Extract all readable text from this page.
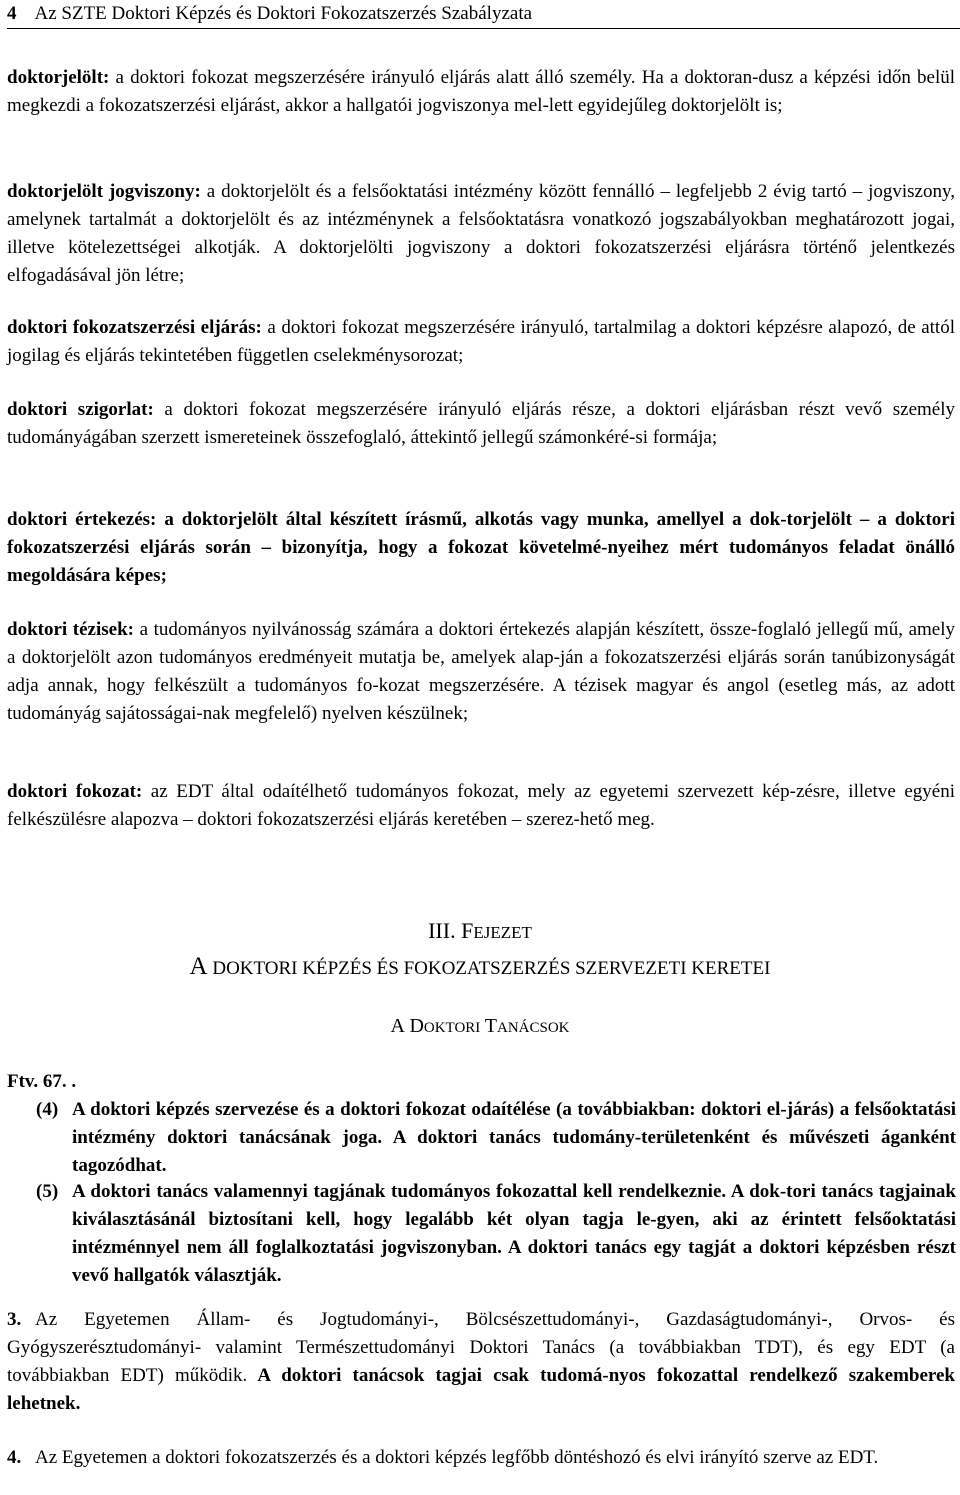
4 Az SZTE Doktori Képzés és Doktori Fokozatszerzés Szabályzata

doktorjelölt: a doktori fokozat megszerzésére irányuló eljárás alatt álló személy. Ha a doktoran-dusz a képzési időn belül megkezdi a fokozatszerzési eljárást, akkor a hallgatói jogviszonya mel-lett egyidejűleg doktorjelölt is;

doktorjelölt jogviszony: a doktorjelölt és a felsőoktatási intézmény között fennálló – legfeljebb 2 évig tartó – jogviszony, amelynek tartalmát a doktorjelölt és az intézménynek a felsőoktatásra vonatkozó jogszabályokban meghatározott jogai, illetve kötelezettségei alkotják. A doktorjelölti jogviszony a doktori fokozatszerzési eljárásra történő jelentkezés elfogadásával jön létre;

doktori fokozatszerzési eljárás: a doktori fokozat megszerzésére irányuló, tartalmilag a doktori képzésre alapozó, de attól jogilag és eljárás tekintetében független cselekménysorozat;

doktori szigorlat: a doktori fokozat megszerzésére irányuló eljárás része, a doktori eljárásban részt vevő személy tudományágában szerzett ismereteinek összefoglaló, áttekintő jellegű számonkéré-si formája;

doktori értekezés: a doktorjelölt által készített írásmű, alkotás vagy munka, amellyel a dok-torjelölt – a doktori fokozatszerzési eljárás során – bizonyítja, hogy a fokozat követelmé-nyeihez mért tudományos feladat önálló megoldására képes;

doktori tézisek: a tudományos nyilvánosság számára a doktori értekezés alapján készített, össze-foglaló jellegű mű, amely a doktorjelölt azon tudományos eredményeit mutatja be, amelyek alap-ján a fokozatszerzési eljárás során tanúbizonyságát adja annak, hogy felkészült a tudományos fo-kozat megszerzésére. A tézisek magyar és angol (esetleg más, az adott tudományág sajátosságai-nak megfelelő) nyelven készülnek;

doktori fokozat: az EDT által odaítélhető tudományos fokozat, mely az egyetemi szervezett kép-zésre, illetve egyéni felkészülésre alapozva – doktori fokozatszerzési eljárás keretében – szerez-hető meg.

III. FEJEZET

A DOKTORI KÉPZÉS ÉS FOKOZATSZERZÉS SZERVEZETI KERETEI

A DOKTORI TANÁCSOK

Ftv. 67. .

(4) A doktori képzés szervezése és a doktori fokozat odaítélése (a továbbiakban: doktori el-járás) a felsőoktatási intézmény doktori tanácsának joga. A doktori tanács tudomány-területenként és művészeti áganként tagozódhat.

(5) A doktori tanács valamennyi tagjának tudományos fokozattal kell rendelkeznie. A dok-tori tanács tagjainak kiválasztásánál biztosítani kell, hogy legalább két olyan tagja le-gyen, aki az érintett felsőoktatási intézménnyel nem áll foglalkoztatási jogviszonyban. A doktori tanács egy tagját a doktori képzésben részt vevő hallgatók választják.

3. Az Egyetemen Állam- és Jogtudományi-, Bölcsészettudományi-, Gazdaságtudományi-, Orvos- és Gyógyszerésztudományi- valamint Természettudományi Doktori Tanács (a továbbiakban TDT), és egy EDT (a továbbiakban EDT) működik. A doktori tanácsok tagjai csak tudomá-nyos fokozattal rendelkező szakemberek lehetnek.

4. Az Egyetemen a doktori fokozatszerzés és a doktori képzés legfőbb döntéshozó és elvi irányító szerve az EDT.
